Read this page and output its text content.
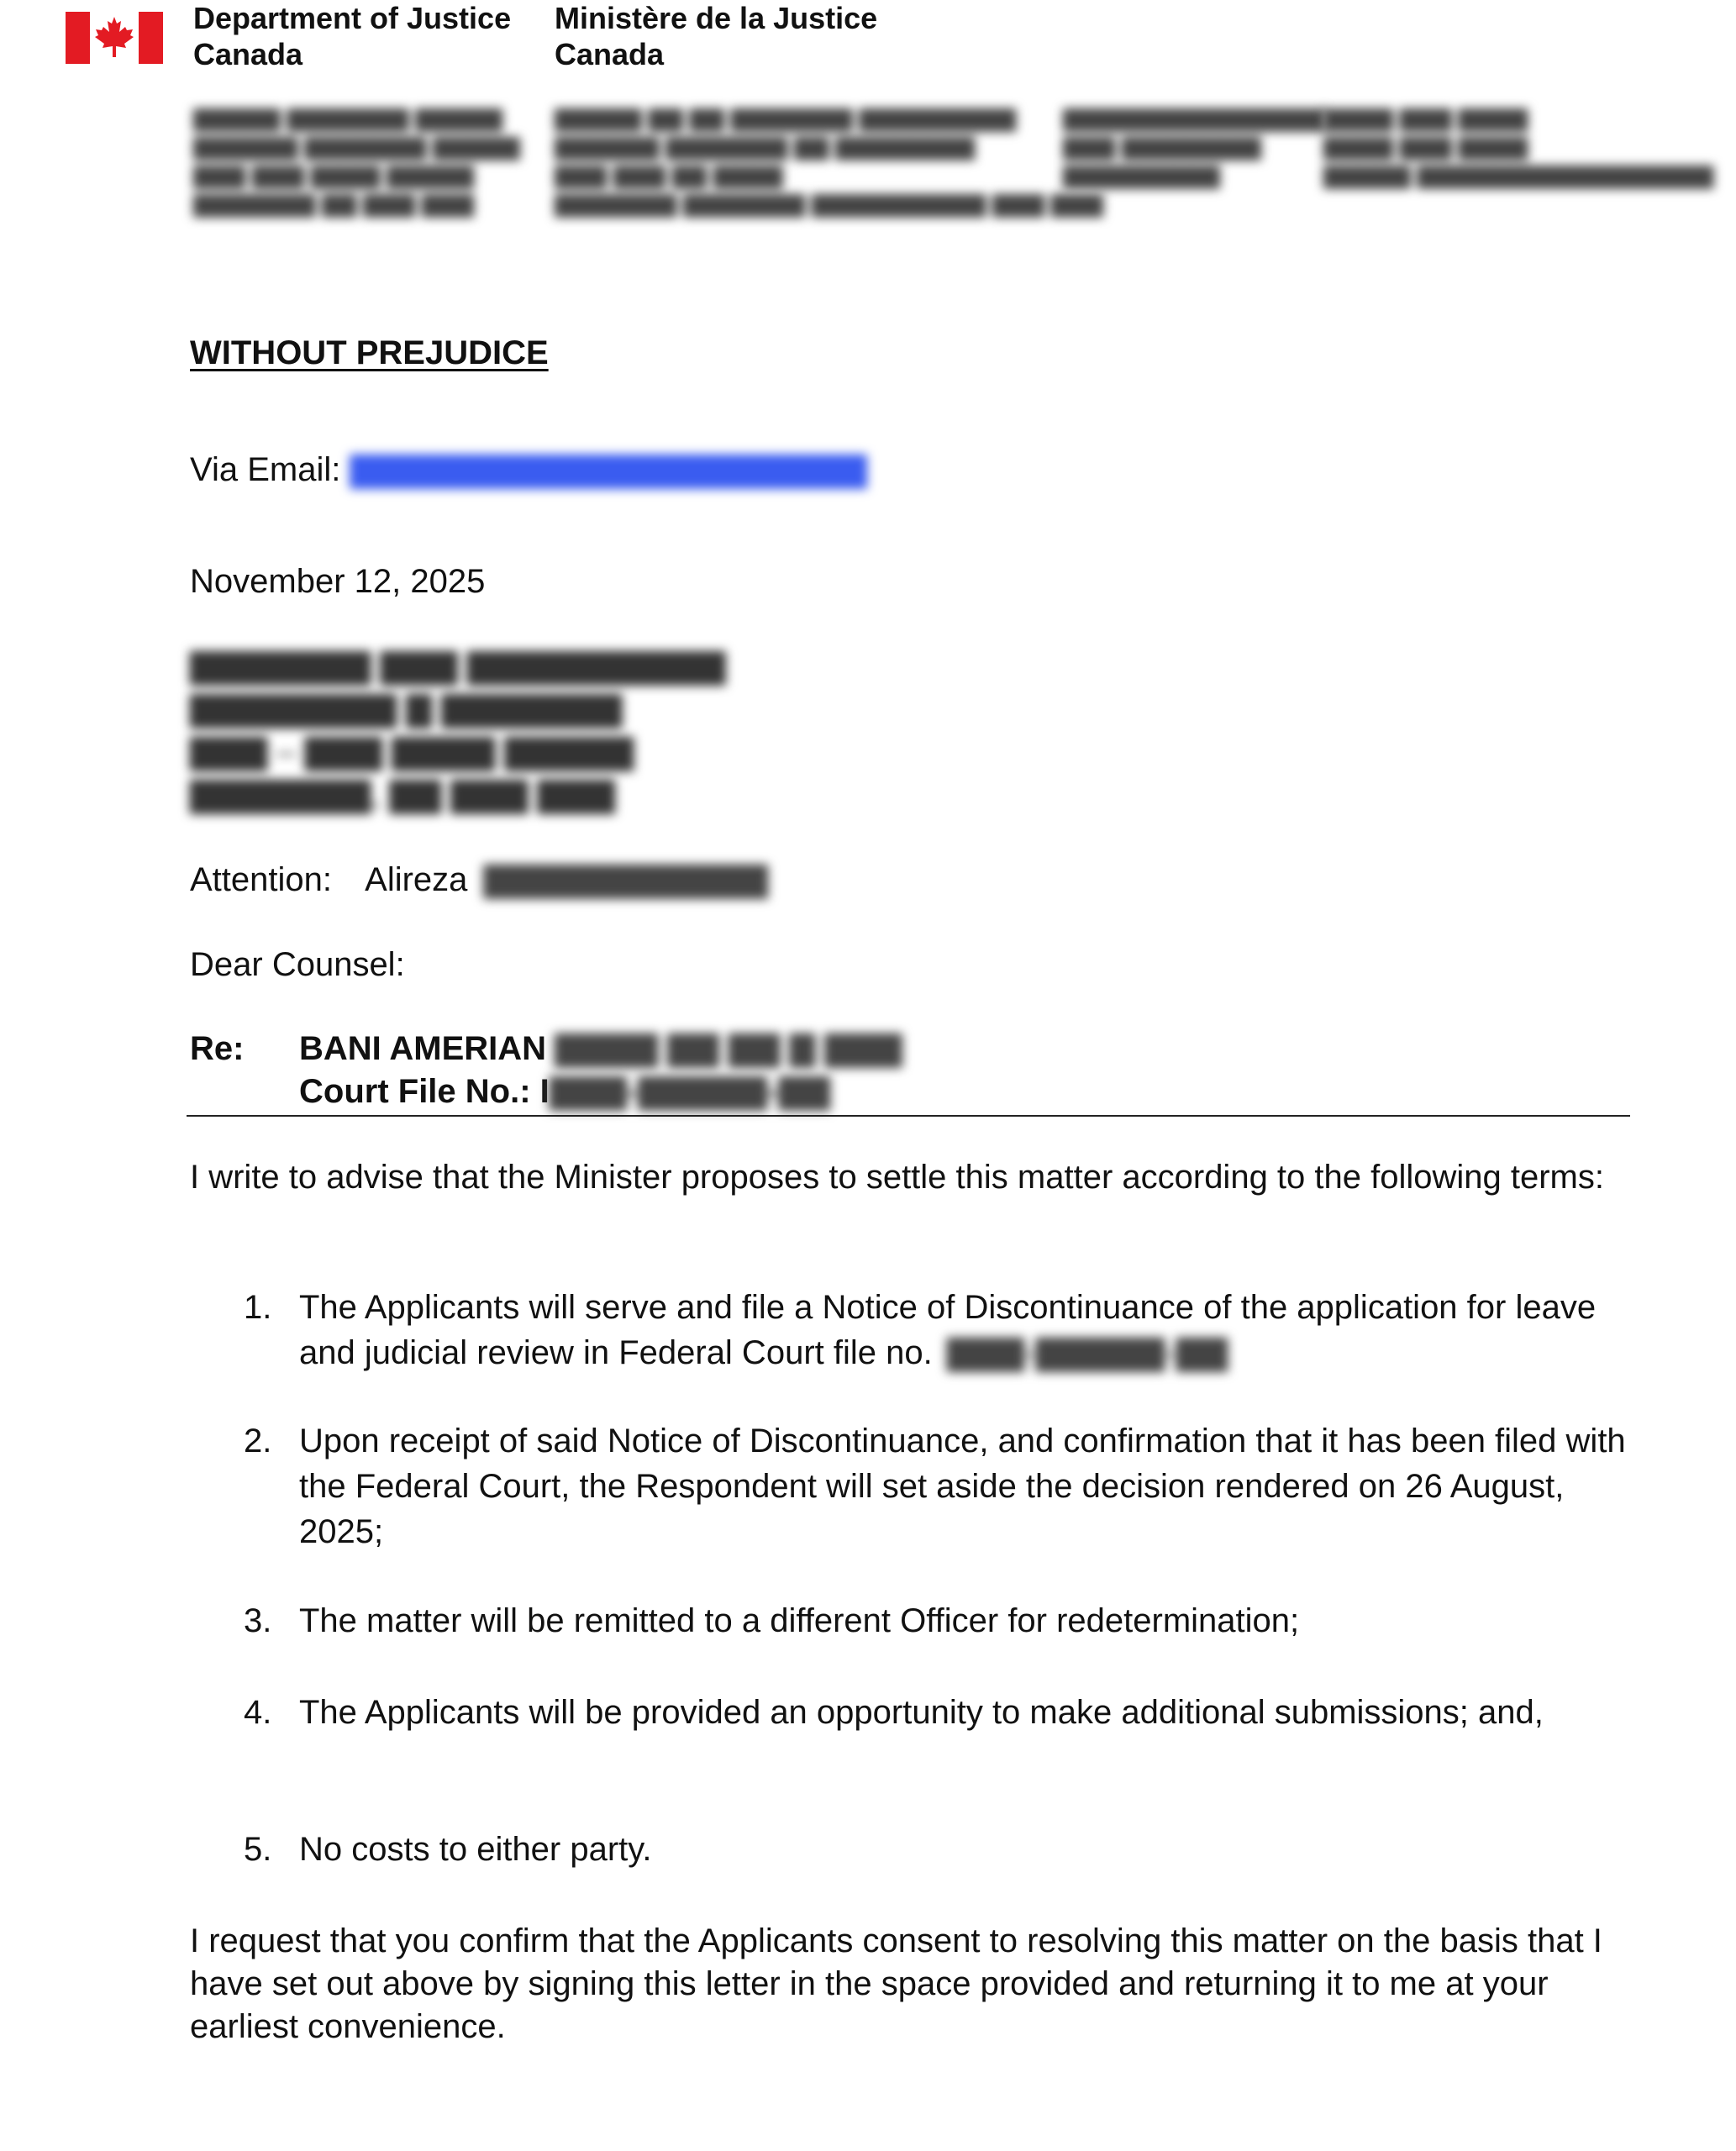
Department of Justice
Canada
Ministère de la Justice
Canada
▇▇▇▇▇ ▇▇▇▇▇▇▇ ▇▇▇▇▇
▇▇▇▇▇▇ ▇▇▇▇▇▇▇ ▇▇▇▇▇
▇▇▇ ▇▇▇ ▇▇▇▇ ▇▇▇▇▇
▇▇▇▇▇▇▇ ▇▇ ▇▇▇ ▇▇▇
▇▇▇▇▇ ▇▇ ▇▇ ▇▇▇▇▇▇▇ ▇▇▇▇▇▇▇▇▇
▇▇▇▇▇▇ ▇▇▇▇▇▇▇ ▇▇ ▇▇▇▇▇▇▇▇
▇▇▇ ▇▇▇ ▇▇ ▇▇▇▇
▇▇▇▇▇▇▇ ▇▇▇▇▇▇▇ ▇▇▇▇▇▇▇▇▇▇ ▇▇▇ ▇▇▇
▇▇▇▇▇▇▇▇▇▇▇▇▇▇▇
▇▇▇ ▇▇▇▇▇▇▇▇
▇▇▇▇▇▇▇▇▇
▇▇▇▇ ▇▇▇ ▇▇▇▇
▇▇▇▇ ▇▇▇ ▇▇▇▇
▇▇▇▇▇ ▇▇▇▇▇▇▇▇▇▇▇▇▇▇▇▇▇
WITHOUT PREJUDICE
Via Email: ▇▇▇▇▇▇▇▇▇▇▇▇▇▇▇▇▇▇▇▇
November 12, 2025
▇▇▇▇▇▇▇ ▇▇▇ ▇▇▇▇▇▇▇▇▇▇
▇▇▇▇▇▇▇▇ ▇ ▇▇▇▇▇▇▇
▇▇▇ – ▇▇▇ ▇▇▇▇ ▇▇▇▇▇
▇▇▇▇▇▇▇, ▇▇ ▇▇▇ ▇▇▇
Attention: Alireza ▇▇▇▇▇▇▇▇▇▇▇
Dear Counsel:
Re: BANI AMERIAN ▇▇▇▇ ▇▇ ▇▇ ▇ ▇▇▇
Court File No.: I▇▇▇-▇▇▇▇▇-▇▇
I write to advise that the Minister proposes to settle this matter according to the following terms:
1. The Applicants will serve and file a Notice of Discontinuance of the application for leave and judicial review in Federal Court file no. ▇▇▇-▇▇▇▇▇-▇▇
2. Upon receipt of said Notice of Discontinuance, and confirmation that it has been filed with the Federal Court, the Respondent will set aside the decision rendered on 26 August, 2025;
3. The matter will be remitted to a different Officer for redetermination;
4. The Applicants will be provided an opportunity to make additional submissions; and,
5. No costs to either party.
I request that you confirm that the Applicants consent to resolving this matter on the basis that I have set out above by signing this letter in the space provided and returning it to me at your earliest convenience.
